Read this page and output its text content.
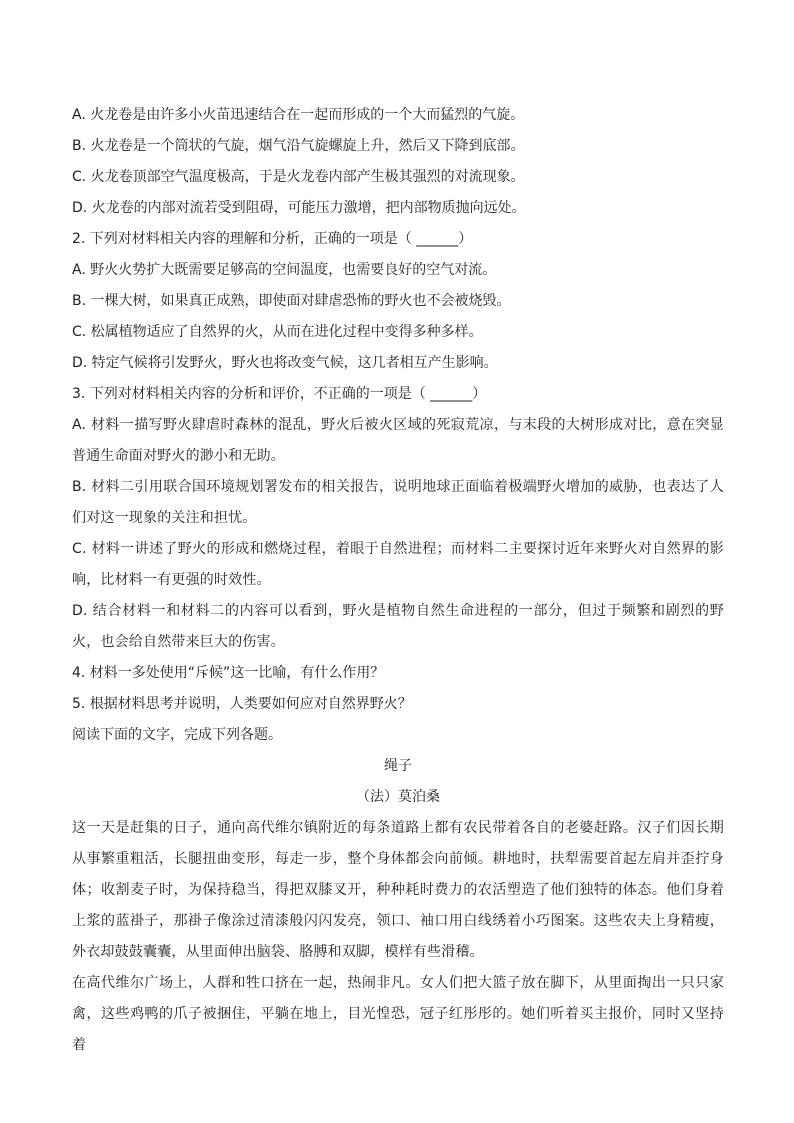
A. 火龙卷是由许多小火苗迅速结合在一起而形成的一个大而猛烈的气旋。

B. 火龙卷是一个筒状的气旋，烟气沿气旋螺旋上升，然后又下降到底部。

C. 火龙卷顶部空气温度极高，于是火龙卷内部产生极其强烈的对流现象。

D. 火龙卷的内部对流若受到阻碍，可能压力激增，把内部物质抛向远处。

2. 下列对材料相关内容的理解和分析，正确的一项是（ ______）

A. 野火火势扩大既需要足够高的空间温度，也需要良好的空气对流。

B. 一棵大树，如果真正成熟，即使面对肆虐恐怖的野火也不会被烧毁。

C. 松属植物适应了自然界的火，从而在进化过程中变得多种多样。

D. 特定气候将引发野火，野火也将改变气候，这几者相互产生影响。

3. 下列对材料相关内容的分析和评价，不正确的一项是（ ______）

A. 材料一描写野火肆虐时森林的混乱，野火后被火区域的死寂荒凉，与末段的大树形成对比，意在突显普通生命面对野火的渺小和无助。

B. 材料二引用联合国环境规划署发布的相关报告，说明地球正面临着极端野火增加的威胁，也表达了人们对这一现象的关注和担忧。

C. 材料一讲述了野火的形成和燃烧过程，着眼于自然进程；而材料二主要探讨近年来野火对自然界的影响，比材料一有更强的时效性。

D. 结合材料一和材料二的内容可以看到，野火是植物自然生命进程的一部分，但过于频繁和剧烈的野火，也会给自然带来巨大的伤害。

4. 材料一多处使用“斥候”这一比喻，有什么作用？

5. 根据材料思考并说明，人类要如何应对自然界野火？

阅读下面的文字，完成下列各题。

绳子

（法）莫泊桑

这一天是赶集的日子，通向高代维尔镇附近的每条道路上都有农民带着各自的老婆赶路。汉子们因长期从事繁重粗活，长腿扭曲变形，每走一步，整个身体都会向前倾。耕地时，扶犁需要首起左肩并歪拧身体；收割麦子时，为保持稳当，得把双膝叉开，种种耗时费力的农活塑造了他们独特的体态。他们身着上浆的蓝褂子，那褂子像涂过清漆般闪闪发亮，领口、袖口用白线绣着小巧图案。这些农夫上身精瘦，外衣却鼓鼓囊囊，从里面伸出脑袋、胳膊和双脚，模样有些滑稽。

在高代维尔广场上，人群和牲口挤在一起，热闹非凡。女人们把大篮子放在脚下，从里面掏出一只只家禽，这些鸡鸭的爪子被捆住，平躺在地上，目光惶恐，冠子红彤彤的。她们听着买主报价，同时又坚持着
